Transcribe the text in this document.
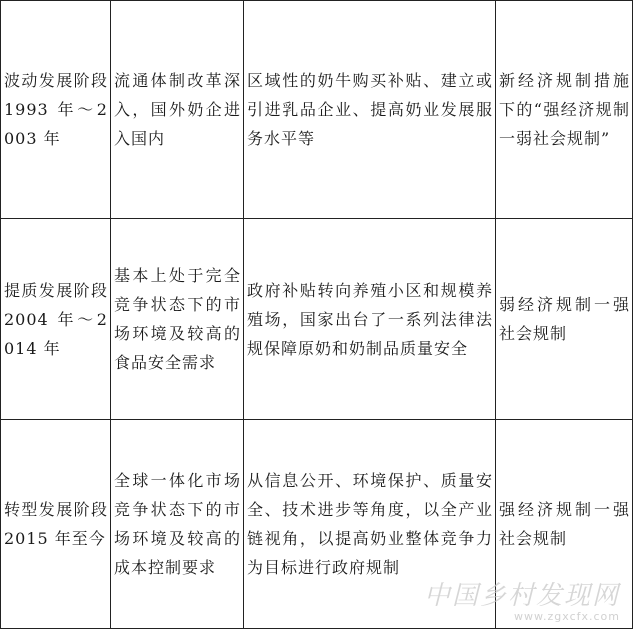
波动发展阶段 1993 年～2003 年	流通体制改革深入，国外奶企进入国内	区域性的奶牛购买补贴、建立或引进乳品企业、提高奶业发展服务水平等	新经济规制措施下的“强经济规制一弱社会规制”
提质发展阶段 2004 年～2014 年	基本上处于完全竞争状态下的市场环境及较高的食品安全需求	政府补贴转向养殖小区和规模养殖场，国家出台了一系列法律法规保障原奶和奶制品质量安全	弱经济规制一强社会规制
转型发展阶段 2015 年至今	全球一体化市场竞争状态下的市场环境及较高的成本控制要求	从信息公开、环境保护、质量安全、技术进步等角度，以全产业链视角，以提高奶业整体竞争力为目标进行政府规制	强经济规制一强社会规制
中国乡村发现网
www.zgxcfx.com
